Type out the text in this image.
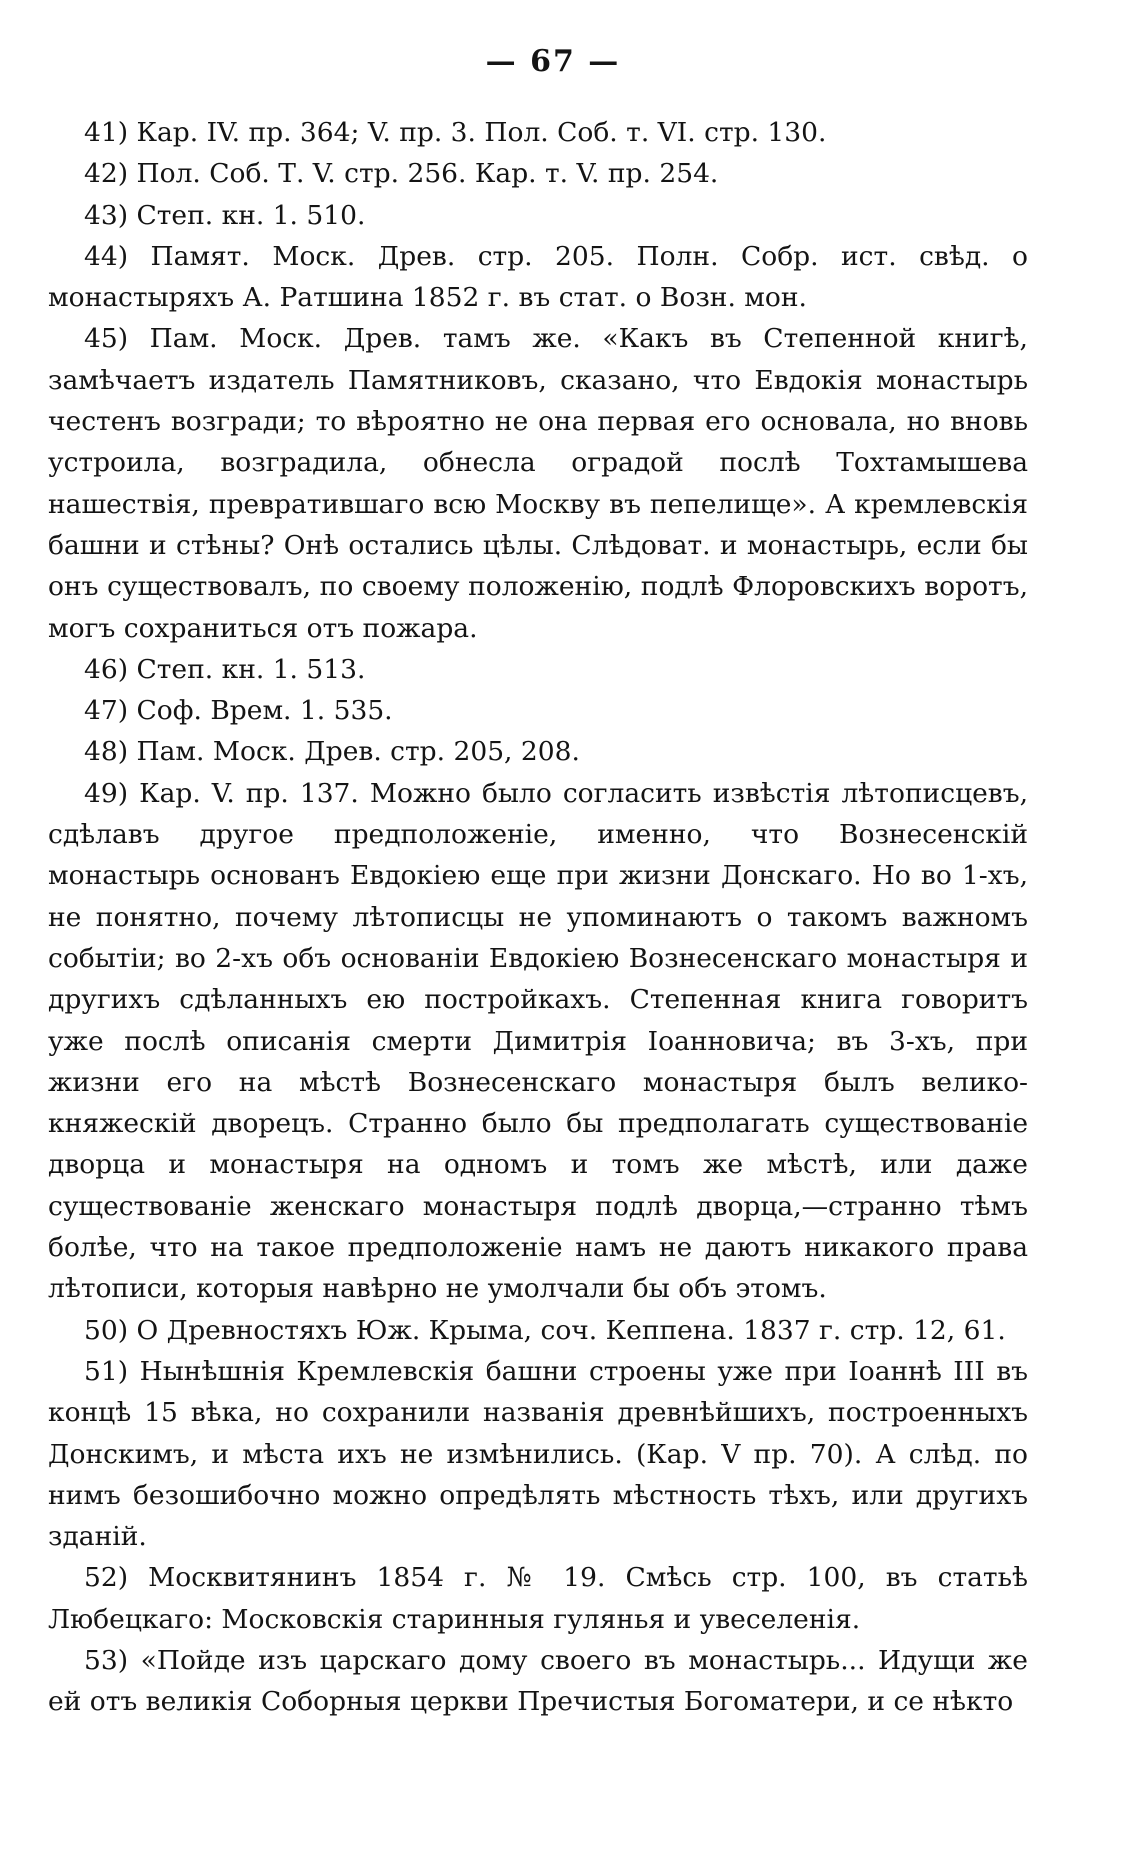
— 67 —

41) Кар. IV. пр. 364; V. пр. 3. Пол. Соб. т. VI. стр. 130.

42) Пол. Соб. Т. V. стр. 256. Кар. т. V. пр. 254.

43) Степ. кн. 1. 510.

44) Памят. Моск. Древ. стр. 205. Полн. Собр. ист. свѣд. о монастыряхъ А. Ратшина 1852 г. въ стат. о Возн. мон.

45) Пам. Моск. Древ. тамъ же. «Какъ въ Степенной книгѣ, замѣчаетъ издатель Памятниковъ, сказано, что Евдокія монастырь честенъ возгради; то вѣроятно не она первая его основала, но вновь устроила, возградила, обнесла оградой послѣ Тохтамышева нашествія, превратившаго всю Москву въ пепелище». А кремлевскія башни и стѣны? Онѣ остались цѣлы. Слѣдоват. и монастырь, если бы онъ существовалъ, по своему положенію, подлѣ Флоровскихъ воротъ, могъ сохраниться отъ пожара.

46) Степ. кн. 1. 513.

47) Соф. Врем. 1. 535.

48) Пам. Моск. Древ. стр. 205, 208.

49) Кар. V. пр. 137. Можно было согласить извѣстія лѣтописцевъ, сдѣлавъ другое предположеніе, именно, что Вознесенскій монастырь основанъ Евдокіею еще при жизни Донскаго. Но во 1-хъ, не понятно, почему лѣтописцы не упоминаютъ о такомъ важномъ событіи; во 2-хъ объ основаніи Евдокіею Вознесенскаго монастыря и другихъ сдѣланныхъ ею постройкахъ. Степенная книга говоритъ уже послѣ описанія смерти Димитрія Іоанновича; въ 3-хъ, при жизни его на мѣстѣ Вознесенскаго монастыря былъ велико-княжескій дворецъ. Странно было бы предполагать существованіе дворца и монастыря на одномъ и томъ же мѣстѣ, или даже существованіе женскаго монастыря подлѣ дворца,—странно тѣмъ болѣе, что на такое предположеніе намъ не даютъ никакого права лѣтописи, которыя навѣрно не умолчали бы объ этомъ.

50) О Древностяхъ Юж. Крыма, соч. Кеппена. 1837 г. стр. 12, 61.

51) Нынѣшнія Кремлевскія башни строены уже при Іоаннѣ III въ концѣ 15 вѣка, но сохранили названія древнѣйшихъ, построенныхъ Донскимъ, и мѣста ихъ не измѣнились. (Кар. V пр. 70). А слѣд. по нимъ безошибочно можно опредѣлять мѣстность тѣхъ, или другихъ зданій.

52) Москвитянинъ 1854 г. № 19. Смѣсь стр. 100, въ статьѣ Любецкаго: Московскія старинныя гулянья и увеселенія.

53) «Пойде изъ царскаго дому своего въ монастырь... Идущи же ей отъ великія Соборныя церкви Пречистыя Богоматери, и се нѣкто
